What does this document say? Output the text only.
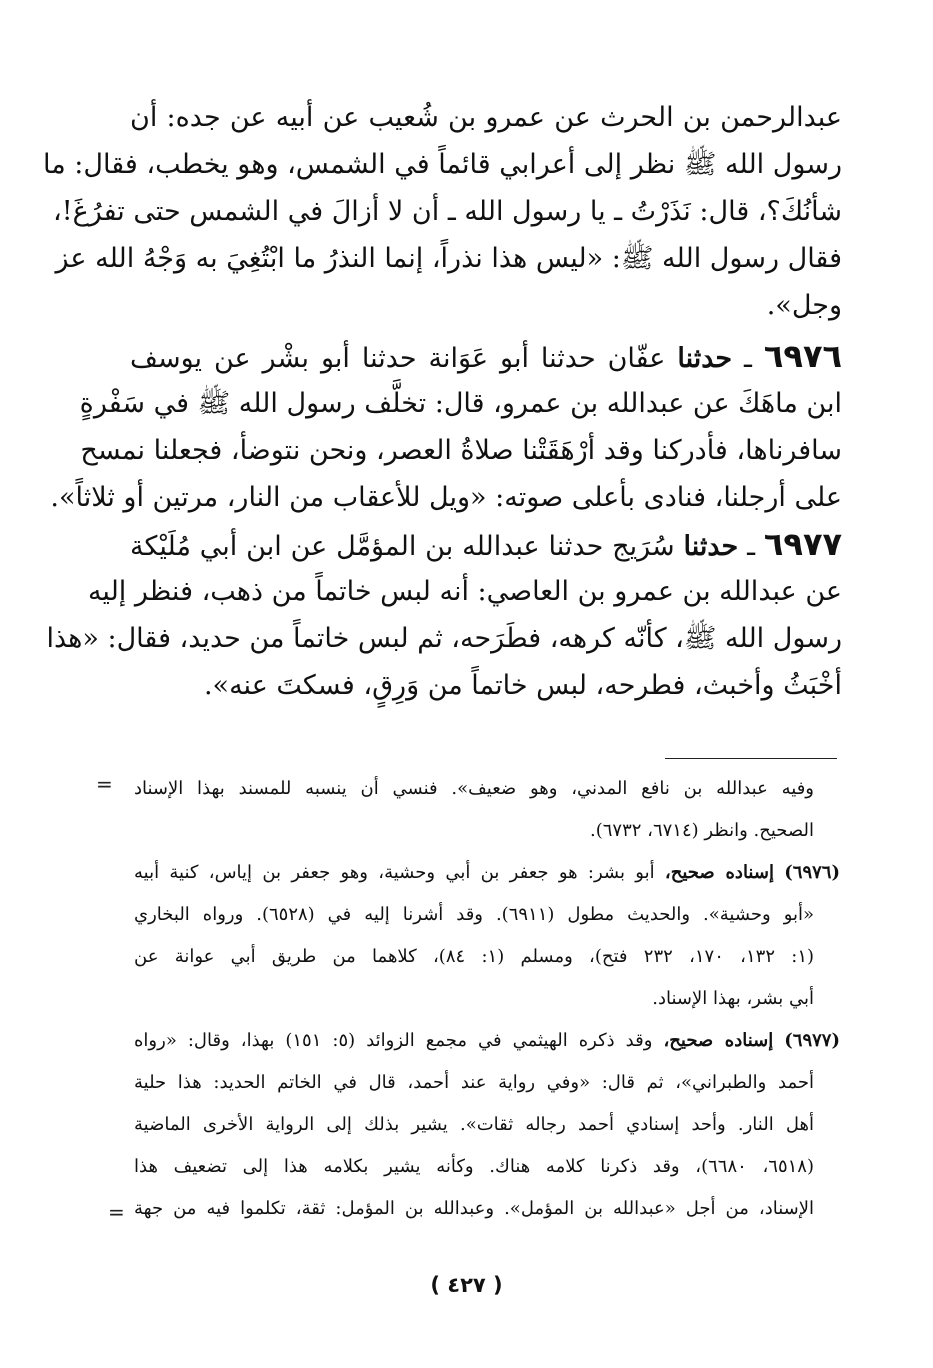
عبدالرحمن بن الحرث عن عمرو بن شُعيب عن أبيه عن جده: أن
رسول الله ﷺ نظر إلى أعرابي قائماً في الشمس، وهو يخطب، فقال: ما
شأنُكَ؟، قال: نَذَرْتُ ـ يا رسول الله ـ أن لا أزالَ في الشمس حتى تفرُغَ!،
فقال رسول الله ﷺ: «ليس هذا نذراً، إنما النذرُ ما ابْتُغِيَ به وَجْهُ الله عز
وجل».
٦٩٧٦ ـ حدثنا عفّان حدثنا أبو عَوَانة حدثنا أبو بشْر عن يوسف
ابن ماهَكَ عن عبدالله بن عمرو، قال: تخلَّف رسول الله ﷺ في سَفْرةٍ
سافرناها، فأدركنا وقد أرْهَقَتْنا صلاةُ العصر، ونحن نتوضأ، فجعلنا نمسح
على أرجلنا، فنادى بأعلى صوته: «ويل للأعقاب من النار، مرتين أو ثلاثاً».
٦٩٧٧ ـ حدثنا سُرَيج حدثنا عبدالله بن المؤمَّل عن ابن أبي مُلَيْكة
عن عبدالله بن عمرو بن العاصي: أنه لبس خاتماً من ذهب، فنظر إليه
رسول الله ﷺ، كأنّه كرهه، فطَرَحه، ثم لبس خاتماً من حديد، فقال: «هذا
أخْبَثُ وأخبث، فطرحه، لبس خاتماً من وَرِقٍ، فسكتَ عنه».
= وفيه عبدالله بن نافع المدني، وهو ضعيف». فنسي أن ينسبه للمسند بهذا الإسناد
الصحيح. وانظر (٦٧١٤، ٦٧٣٢).
(٦٩٧٦) إسناده صحيح، أبو بشر: هو جعفر بن أبي وحشية، وهو جعفر بن إياس، كنية أبيه
«أبو وحشية». والحديث مطول (٦٩١١). وقد أشرنا إليه في (٦٥٢٨). ورواه البخاري
(١: ١٣٢، ١٧٠، ٢٣٢ فتح)، ومسلم (١: ٨٤)، كلاهما من طريق أبي عوانة عن
أبي بشر، بهذا الإسناد.
(٦٩٧٧) إسناده صحيح، وقد ذكره الهيثمي في مجمع الزوائد (٥: ١٥١) بهذا، وقال: «رواه
أحمد والطبراني»، ثم قال: «وفي رواية عند أحمد، قال في الخاتم الحديد: هذا حلية
أهل النار. وأحد إسنادي أحمد رجاله ثقات». يشير بذلك إلى الرواية الأخرى الماضية
(٦٥١٨، ٦٦٨٠)، وقد ذكرنا كلامه هناك. وكأنه يشير بكلامه هذا إلى تضعيف هذا
الإسناد، من أجل «عبدالله بن المؤمل». وعبدالله بن المؤمل: ثقة، تكلموا فيه من جهة
=
( ٤٢٧ )
